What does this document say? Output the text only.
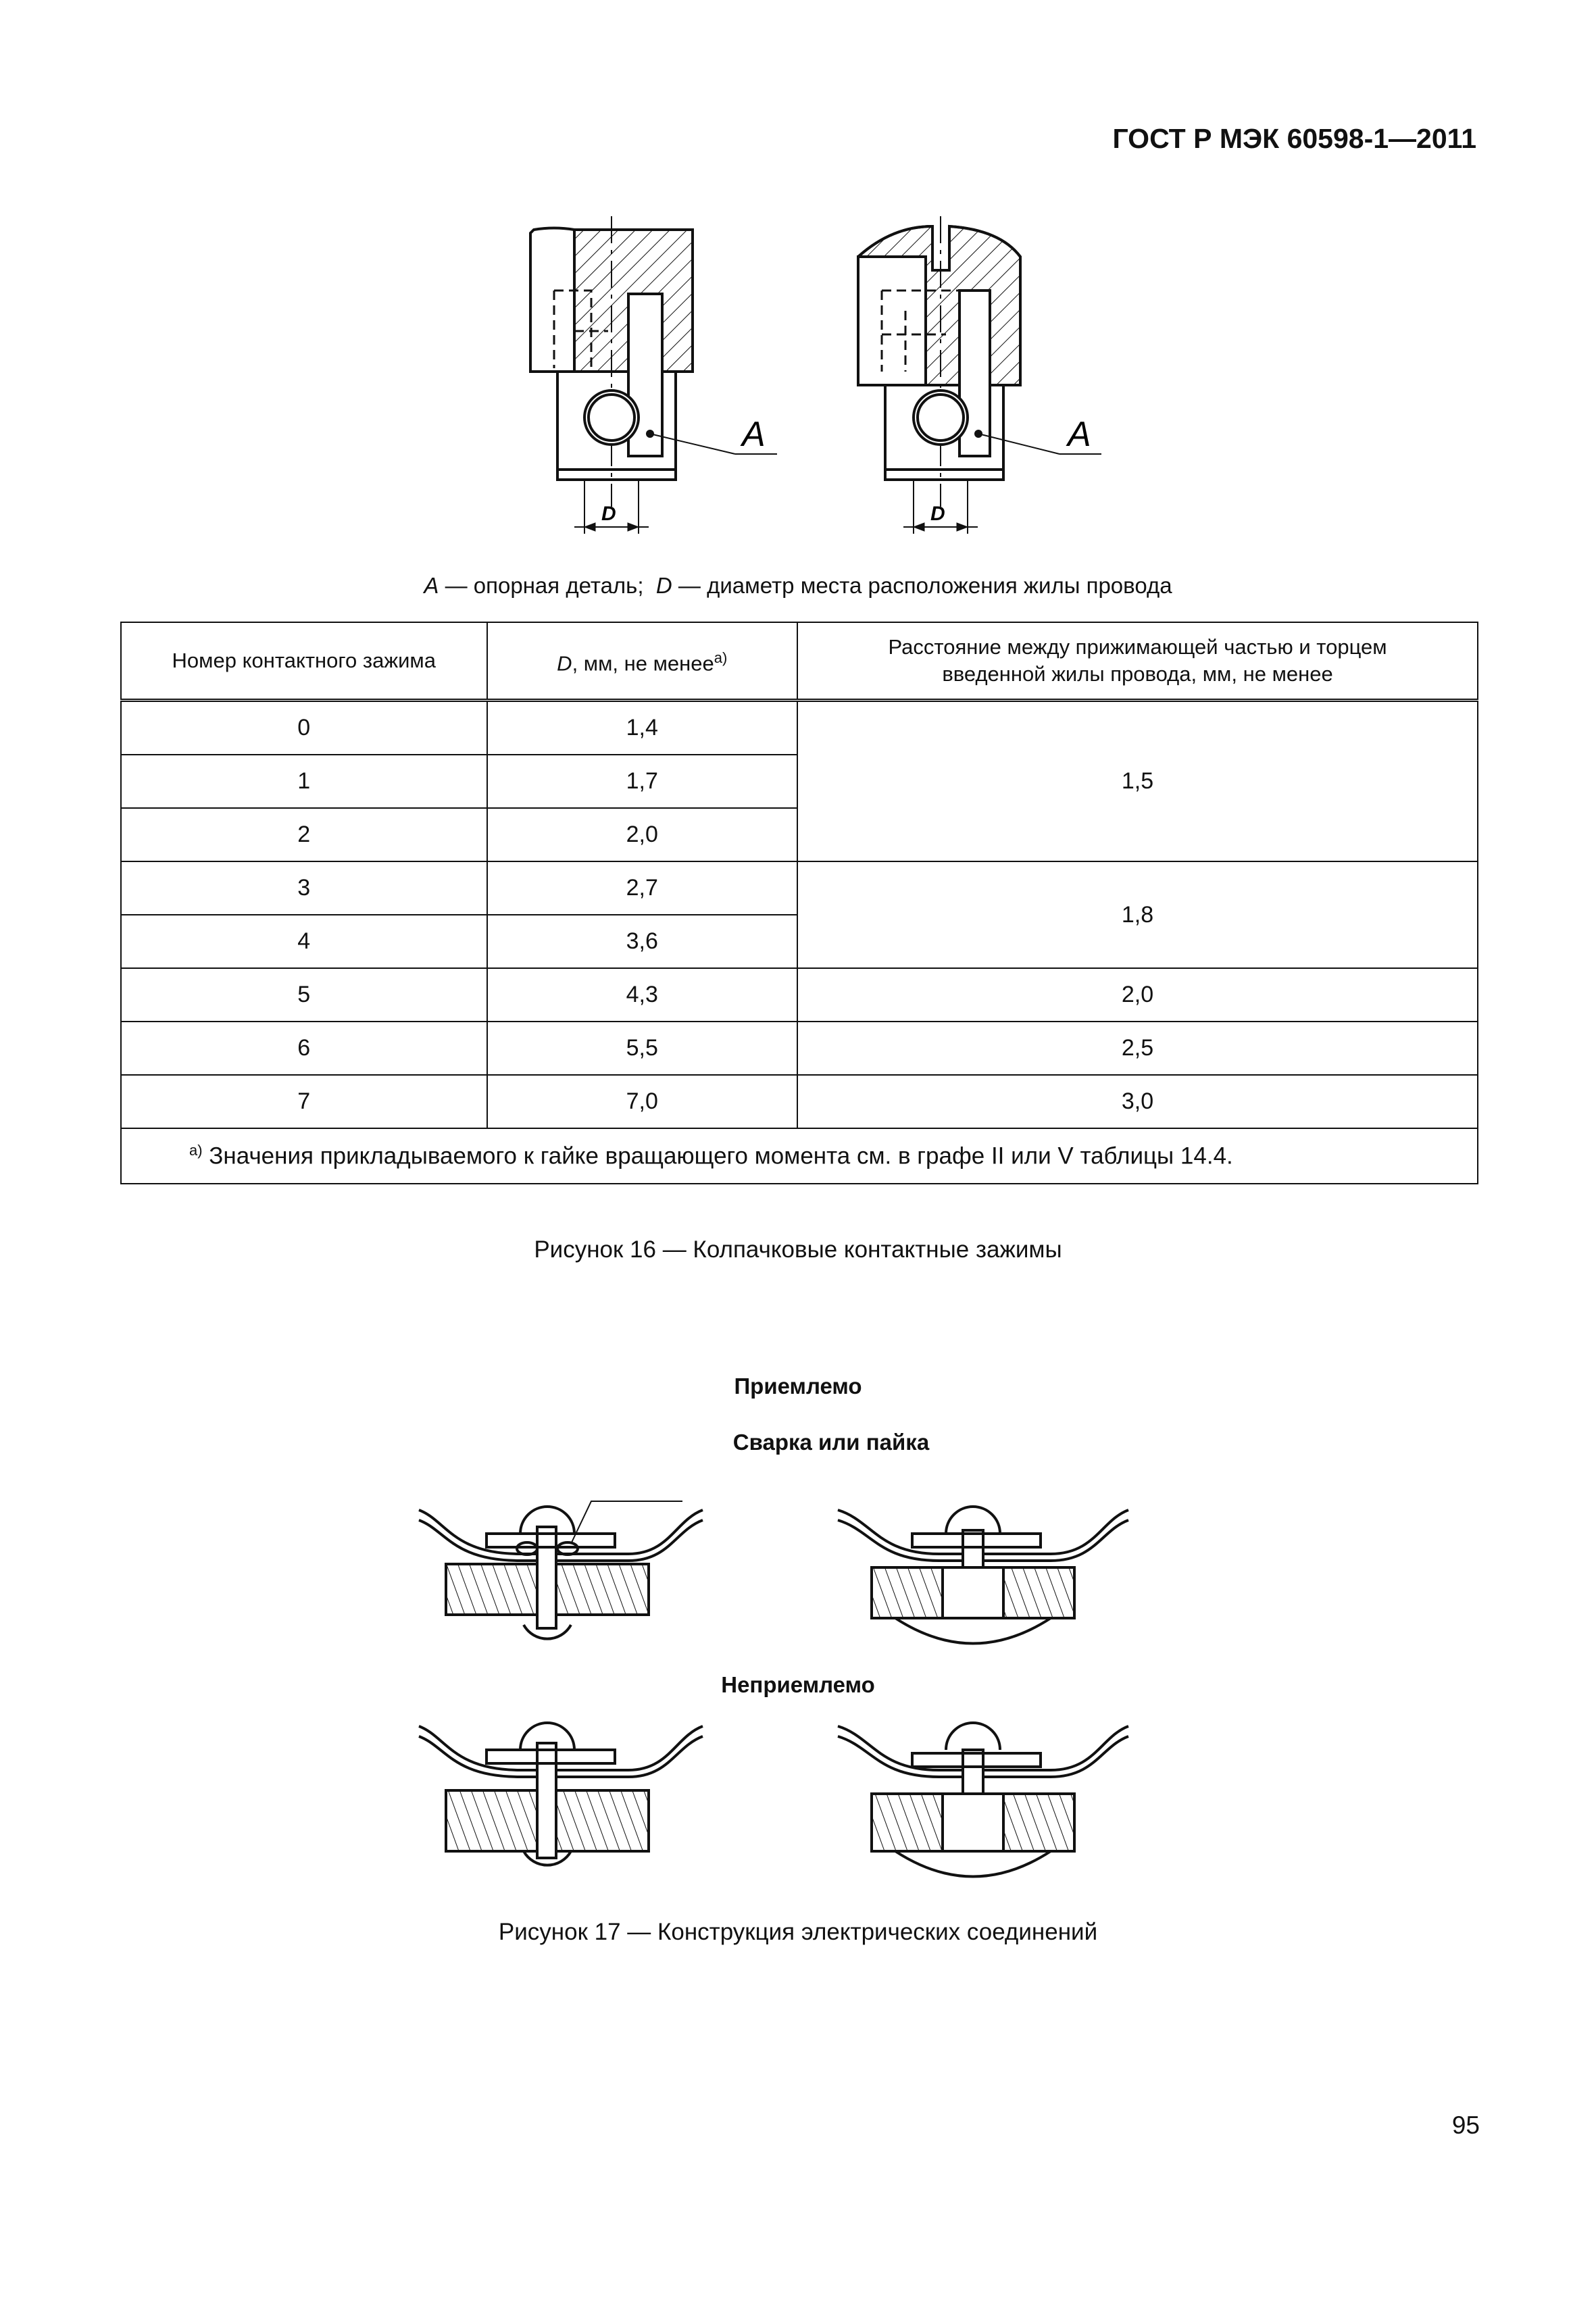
ГОСТ Р МЭК 60598-1—2011
A
D
A
D
A — опорная деталь;  D — диаметр места расположения жилы провода
Номер контактного зажима	D, мм, не менее$^{а)}$	Расстояние между прижимающей частью и торцем
введенной жилы провода, мм, не менее
0	1,4	1,5
1	1,7	
2	2,0	
3	2,7	1,8
4	3,6	
5	4,3	2,0
6	5,5	2,5
7	7,0	3,0
$^{а)}$ Значения прикладываемого к гайке вращающего момента см. в графе II или V таблицы 14.4.		
Рисунок 16 — Колпачковые контактные зажимы
Приемлемо
Сварка или пайка
Неприемлемо
Рисунок 17 — Конструкция электрических соединений
95
